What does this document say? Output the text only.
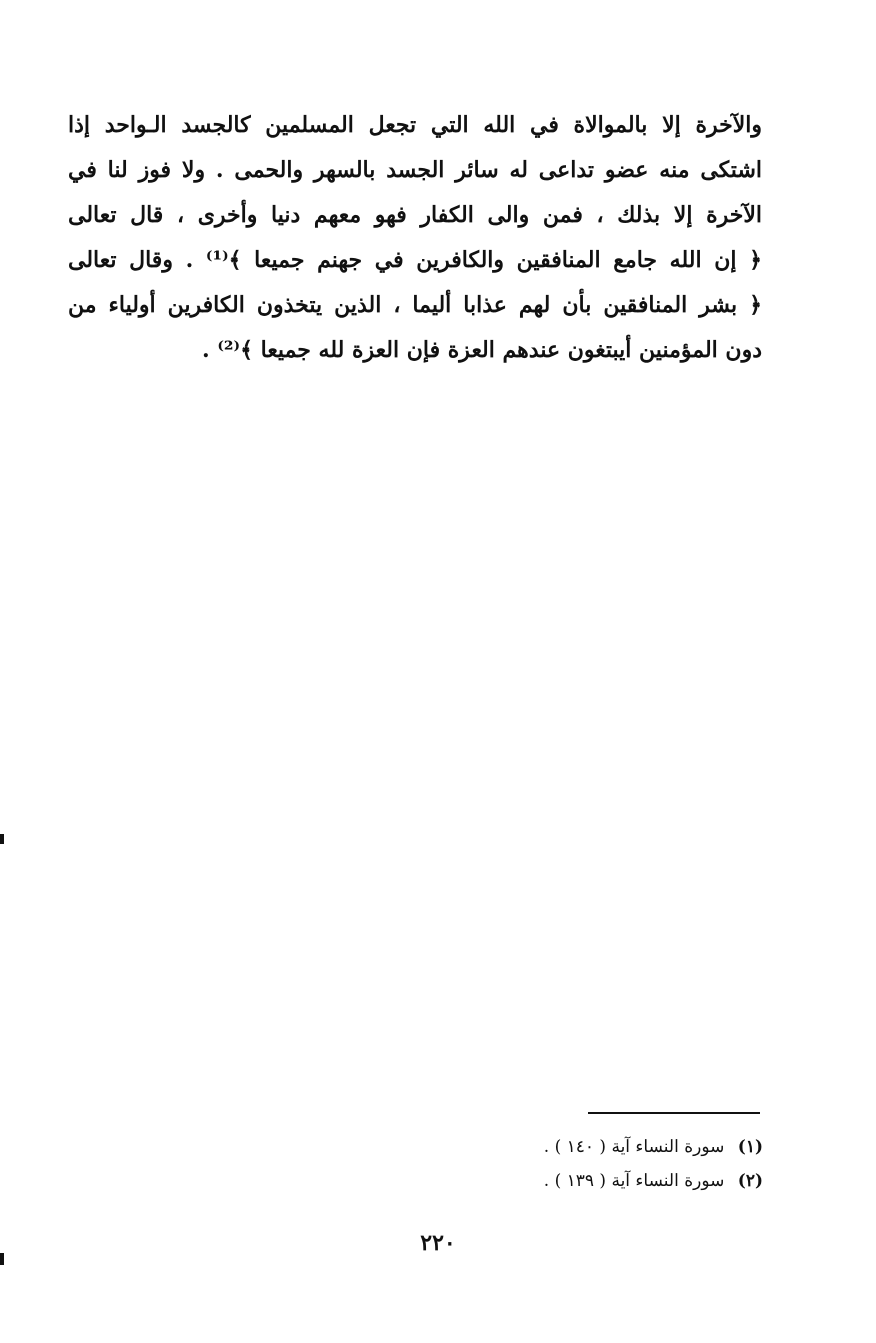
والآخرة إلا بالموالاة في الله التي تجعل المسلمين كالجسد الـواحد إذا
اشتكى منه عضو تداعى له سائر الجسد بالسهر والحمى . ولا فوز لنا في
الآخرة إلا بذلك ، فمن والى الكفار فهو معهم دنيا وأخرى ، قال تعالى
﴿ إن الله جامع المنافقين والكافرين في جهنم جميعا ﴾⁽¹⁾ . وقال تعالى
﴿ بشر المنافقين بأن لهم عذابا أليما ، الذين يتخذون الكافرين أولياء من
دون المؤمنين أيبتغون عندهم العزة فإن العزة لله جميعا ﴾⁽²⁾ .
(١) سورة النساء آية ( ١٤٠ ) .
(٢) سورة النساء آية ( ١٣٩ ) .
٢٢٠
